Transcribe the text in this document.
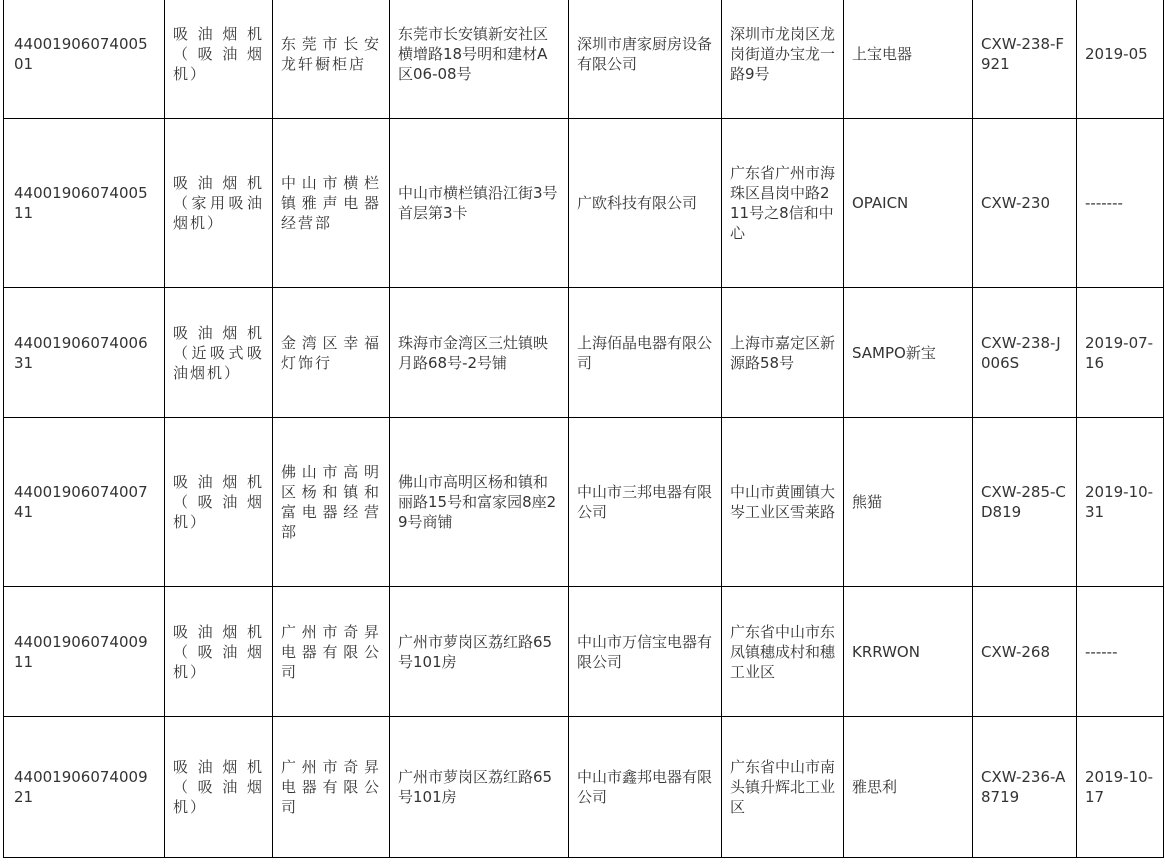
4400190607400501	吸油烟机（吸油烟机）	东莞市长安龙轩橱柜店	东莞市长安镇新安社区横增路18号明和建材A区06-08号	深圳市唐家厨房设备有限公司	深圳市龙岗区龙岗街道办宝龙一路9号	上宝电器	CXW-238-F921	2019-05
4400190607400511	吸油烟机（家用吸油烟机）	中山市横栏镇雅声电器经营部	中山市横栏镇沿江街3号首层第3卡	广欧科技有限公司	广东省广州市海珠区昌岗中路211号之8信和中心	OPAICN	CXW-230	-------
4400190607400631	吸油烟机（近吸式吸油烟机）	金湾区幸福灯饰行	珠海市金湾区三灶镇映月路68号-2号铺	上海佰晶电器有限公司	上海市嘉定区新源路58号	SAMPO新宝	CXW-238-J006S	2019-07-16
4400190607400741	吸油烟机（吸油烟机）	佛山市高明区杨和镇和富电器经营部	佛山市高明区杨和镇和丽路15号和富家园8座29号商铺	中山市三邦电器有限公司	中山市黄圃镇大岑工业区雪莱路	熊猫	CXW-285-CD819	2019-10-31
4400190607400911	吸油烟机（吸油烟机）	广州市奇昇电器有限公司	广州市萝岗区荔红路65号101房	中山市万信宝电器有限公司	广东省中山市东凤镇穗成村和穗工业区	KRRWON	CXW-268	------
4400190607400921	吸油烟机（吸油烟机）	广州市奇昇电器有限公司	广州市萝岗区荔红路65号101房	中山市鑫邦电器有限公司	广东省中山市南头镇升辉北工业区	雅思利	CXW-236-A8719	2019-10-17
